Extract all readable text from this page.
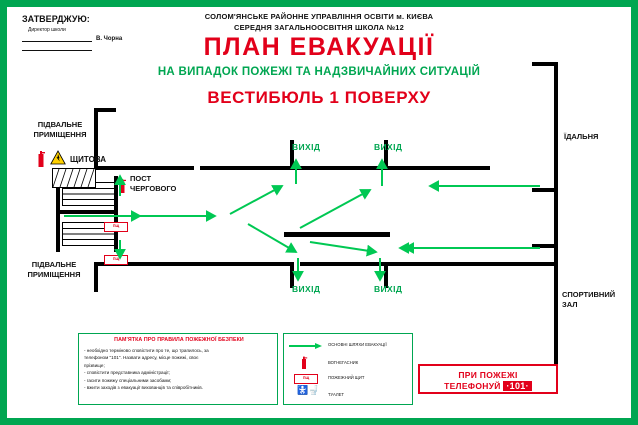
ЗАТВЕРДЖУЮ:
Директор школи
В. Чорна
СОЛОМ'ЯНСЬКЕ РАЙОННЕ УПРАВЛІННЯ ОСВІТИ м. КИЄВА
СЕРЕДНЯ ЗАГАЛЬНООСВІТНЯ ШКОЛА №12
ПЛАН ЕВАКУАЦІЇ
НА ВИПАДОК ПОЖЕЖІ ТА НАДЗВИЧАЙНИХ СИТУАЦІЙ
ВЕСТИБЮЛЬ 1 ПОВЕРХУ
ПЩ
ПЩ
ПІДВАЛЬНЕ
ПРИМІЩЕННЯ
ЩИТОВА
ПОСТ
ЧЕРГОВОГО
ПІДВАЛЬНЕ
ПРИМІЩЕННЯ
ЇДАЛЬНЯ
СПОРТИВНИЙ
ЗАЛ
ВИХІД	ВИХІД
ВИХІД	ВИХІД
ПАМ'ЯТКА ПРО ПРАВИЛА ПОЖЕЖНОЇ БЕЗПЕКИ
- необхідно терміново сповістити про те, що трапилось, за
телефоном "101". Назвати адресу, місце пожежі, своє
прізвище;
- сповістити представника адміністрації;
- гасити пожежу спеціальними засобами;
- вжити заходів з евакуації вихованців та співробітників.
ОСНОВНІ ШЛЯХИ ЕВАКУАЦІЇ
ВОГНЕГАСНИК
ПЩ	ПОЖЕЖНИЙ ЩИТ
🚼🚽 ТУАЛЕТ
ПРИ ПОЖЕЖІ
ТЕЛЕФОНУЙ ·101·
